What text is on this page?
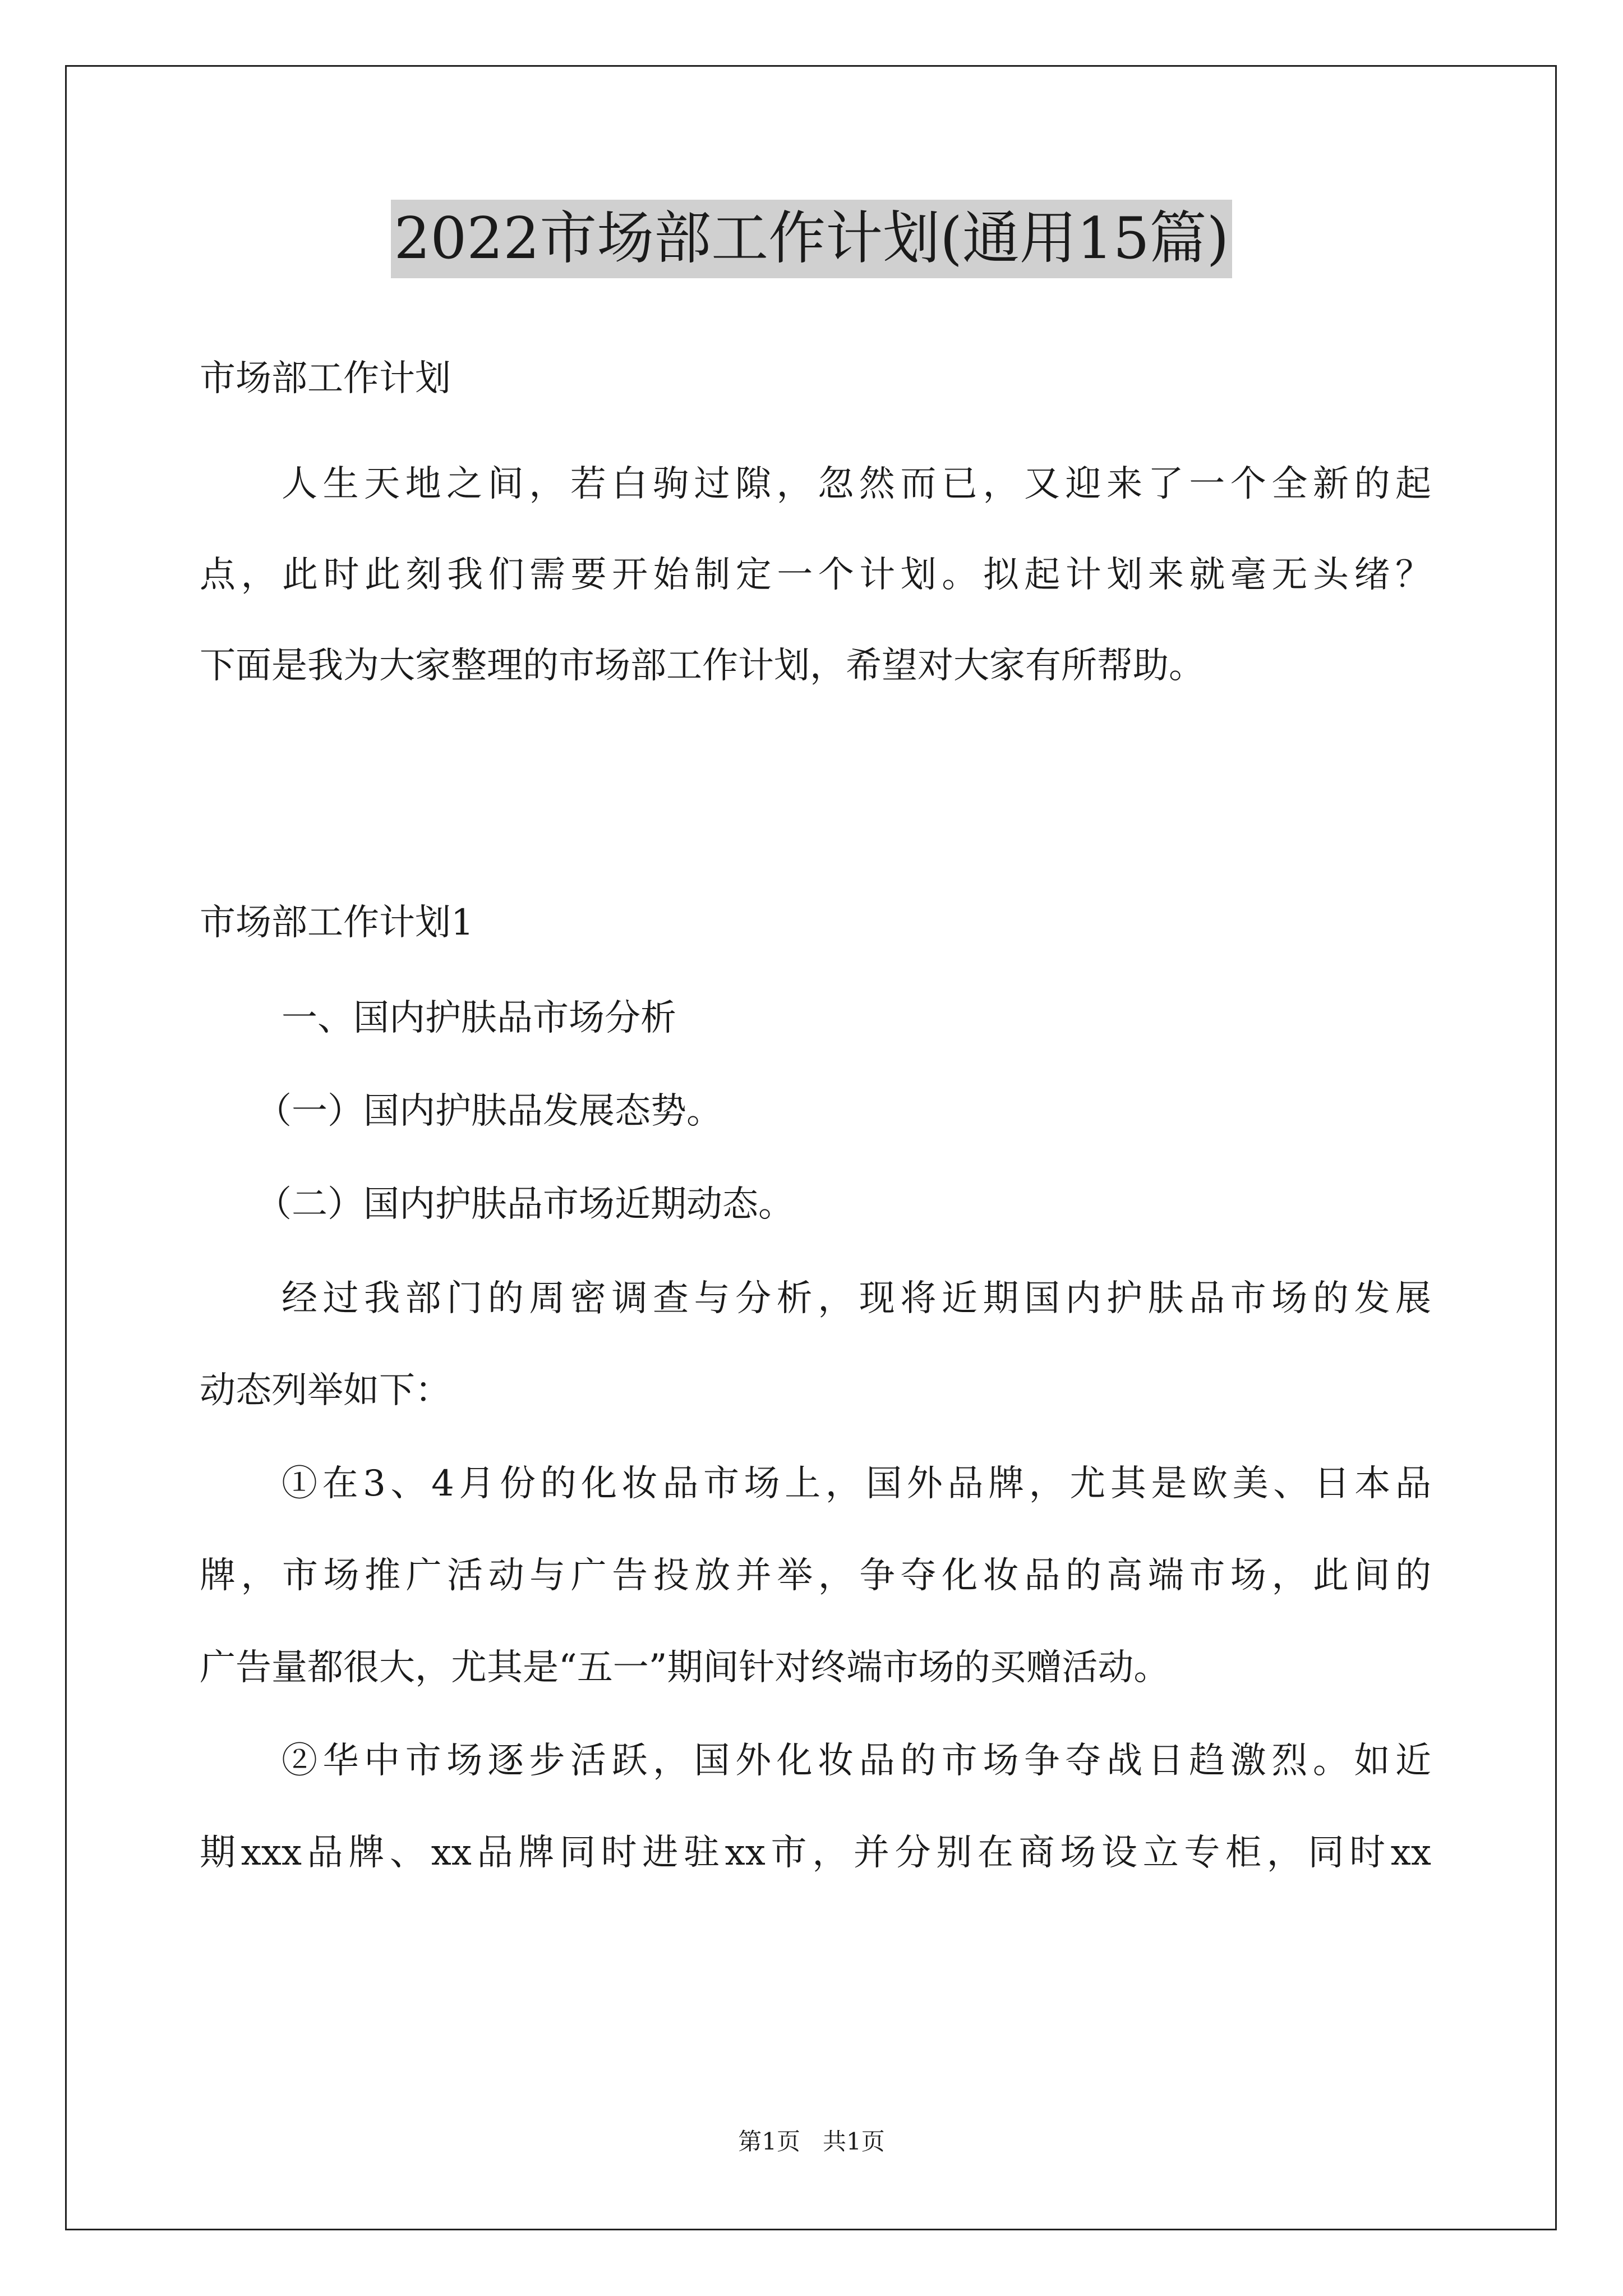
2022市场部工作计划(通用15篇)
市场部工作计划
人生天地之间，若白驹过隙，忽然而已，又迎来了一个全新的起
点，此时此刻我们需要开始制定一个计划。拟起计划来就毫无头绪？
下面是我为大家整理的市场部工作计划，希望对大家有所帮助。
市场部工作计划1
一、国内护肤品市场分析
（一）国内护肤品发展态势。
（二）国内护肤品市场近期动态。
经过我部门的周密调查与分析，现将近期国内护肤品市场的发展
动态列举如下：
①在3、4月份的化妆品市场上，国外品牌，尤其是欧美、日本品
牌，市场推广活动与广告投放并举，争夺化妆品的高端市场，此间的
广告量都很大，尤其是“五一”期间针对终端市场的买赠活动。
②华中市场逐步活跃，国外化妆品的市场争夺战日趋激烈。如近
期xxx品牌、xx品牌同时进驻xx市，并分别在商场设立专柜，同时xx
第1页   共1页
